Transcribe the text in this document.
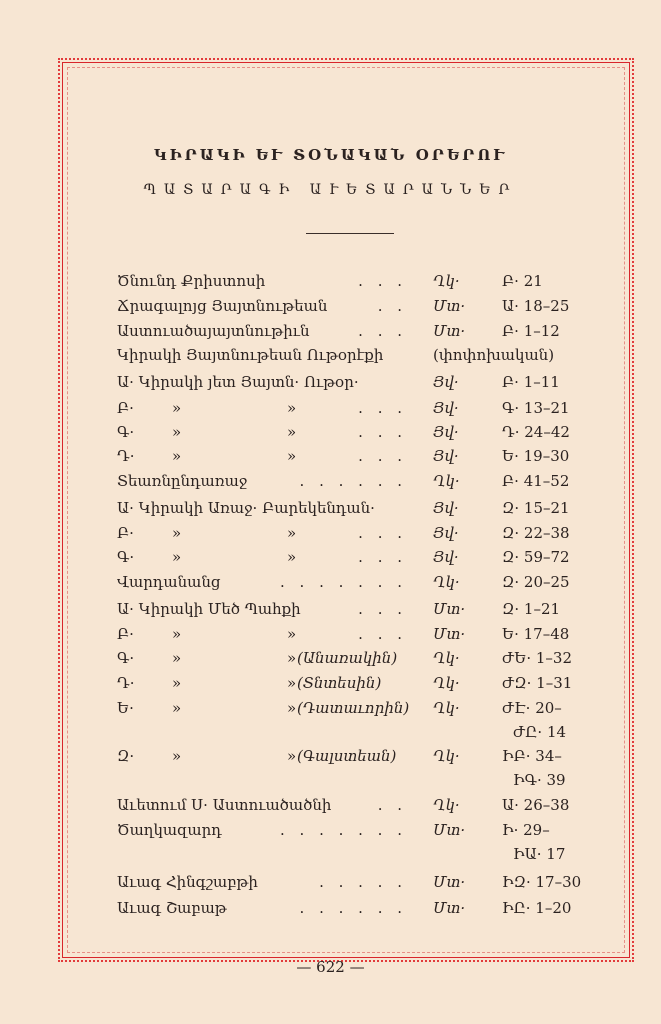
ԿԻՐԱԿԻ ԵՒ ՏՕՆԱԿԱՆ ՕՐԵՐՈՒ
ՊԱՏԱՐԱԳԻ ԱՒԵՏԱՐԱՆՆԵՐ
Ծնունդ Քրիստոսի	. . . Ղկ·	Բ· 21
Ճրագալոյց Յայտնութեան	. . Մտ· Ա· 18–25
Աստուածայայտնութիւն	. . . Մտ· Բ· 1–12
Կիրակի Յայտնութեան Ութօրէքի	(փոփոխական)
Ա· Կիրակի յետ Յայտն· Ութօր·	Յվ·	Բ· 1–11
Բ·	»	»	. . . Յվ·	Գ· 13–21
Գ·	»	»	. . . Յվ·	Դ· 24–42
Դ·	»	»	. . . Յվ·	Ե· 19–30
Տեառնընդառաջ	. . . . . . Ղկ·	Բ· 41–52
Ա· Կիրակի Առաջ· Բարեկենդան·	Յվ·	Զ· 15–21
Բ·	»	»	. . . Յվ·	Զ· 22–38
Գ·	»	»	. . . Յվ·	Զ· 59–72
Վարդանանց	. . . . . . . Ղկ·	Զ· 20–25
Ա· Կիրակի Մեծ Պահքի	. . . Մտ· Զ· 1–21
Բ·	»	»	. . . Մտ· Ե· 17–48
Գ·	»	» (Անառակին) Ղկ·	ԺԵ· 1–32
Դ·	»	» (Տնտեսին)	Ղկ·	ԺԶ· 1–31
Ե·	»	» (Դատաւորին) Ղկ·	ԺԷ· 20–
ԺԸ· 14
Զ·	»	» (Գալստեան) Ղկ·	ԻԲ· 34–
ԻԳ· 39
Աւետում Ս· Աստուածածնի	. . Ղկ·	Ա· 26–38
Ծաղկազարդ	. . . . . . . Մտ· Ի· 29–
ԻԱ· 17
Աւագ Հինգշաբթի	. . . . . Մտ· ԻԶ· 17–30
Աւագ Շաբաթ	. . . . . . Մտ· ԻԸ· 1–20
— 622 —
